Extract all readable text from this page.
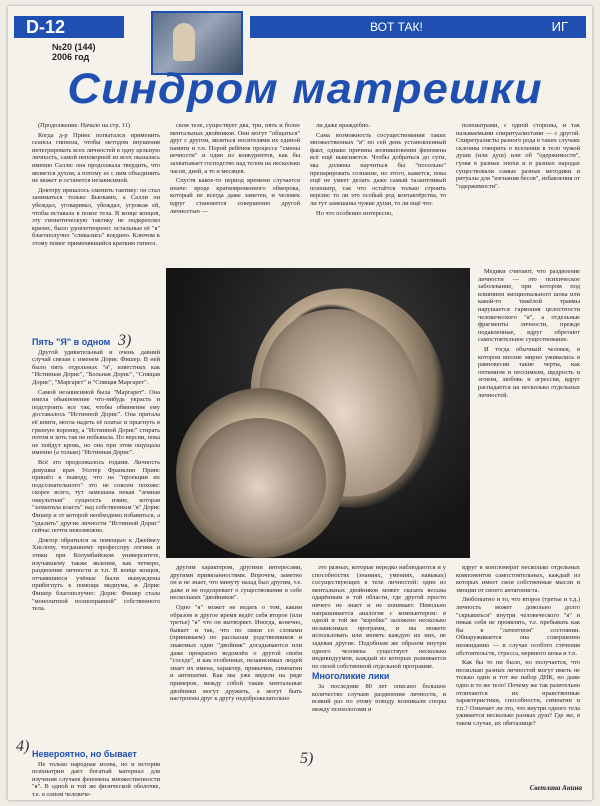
D-12	ВОТ ТАК!	ИГ
№20 (144)
2006 год
Синдром матрешки

(Продолжение. Начало на стр. 11)

Когда д-р Принс попытался применить сеансы гипноза, чтобы методом внушения интегрировать всех личностей в одну цельную личность, самой непокорной из всех оказалась именно Салли: она продолжала твердить, что является духом, а потому ее с ним объединить не может и останется независимой.

Доктору пришлось сменить тактику: он стал заниматься только Бьюкамп, а Салли он убеждал, уговаривал, убеждал, угрожая ей, чтобы вставала в покое тела. В конце концов, эту гипнотическую тактику не подкреплял кризис, было удовлетворено: остальные её "я" благополучно "сливались" воедино. Ключом к этому помог применявшийся кратким гипноз.

ском теле, существует два, три, пять и более ментальных двойников. Они могут "общаться" друг с другом, являться носителями их единой памяти и т.п. Порой ребёнок процессе "смены вечности" и один из конкурентов, как бы захватывает господство над телом на несколько часов, дней, а то и месяцев.

Спустя какое-то период времени случается иначе: вроде кратковременного обморока, который не всегда даже заметен, и человек вдруг становится совершенно другой личностью —

ли даже враждебно.

Сама возможность сосуществования таких множественных "я" по сей день установленный факт, однако причина возникновения феномена всё ещё выясняется. Чтобы добраться до сути, мы должны научиться бы "посольно" препарировать сознание, но этого, кажется, пока ещё не умеет делать даже самый талантливый психиатр, так что остаётся только строить версии: то ли это особый род контактёрства, то ли тут замешаны чужие души, то ли ещё что.

Но что особенно интересно,

психиатрами, с одной стороны, и так называемыми спиритуалистами — с другой. Спиритуалисты разного рода в таких случаях склонны говорить о вселении в тело чужой души (или душ) или об "одержимости", гуляя в разные эпохи и в разных народах существовали самые разные методики и ритуалы для "изгнания бесов", избавления от "одержимости".

Пять "Я" в одном

Другой удивительный и очень давний случай связан с именем Дорис Фишер. В ней было пять отдельных "я", известных как "Истинная Дорис", "Больная Дорис", "Спящая Дорис", "Маргарет" и "Спящая Маргарет".

Самой независимой была "Маргарет". Она имела обыкновение что-нибудь украсть и подстроить все так, чтобы обвинение ему доставалось "Истинной Дорис". Она прятала её книги, могла надеть её платье и прыгнуть в грязную воронку, а "Истинной Дорис" стирать потом и хоть так не побывала. По версии, пока не пойдут кровь, но она при этом ощущала именно (а только) "Истинная Дорис".

Всё это продолжалось годами. Личность девушки врач Уолтер Франклин Принс пришёл к выводу, что на "проекции их подсознательного" это не совсем похоже: скорее всего, тут замешана некая "земная оккультная" сущность извне, которая "захватила власть" над собственным "я" Дорис Фишер и от которой необходимо избавиться, а "удалить" другие личности "Истинной Дорис" сейчас почти невозможно.

Доктор обратился за помощью к Джеймсу Хислопу, тогдашнему профессору логики и этики при Колумбийском университете, изучавшему также явления, как четверо, раздвоение личности и т.п. В конце концов, отчаявшиеся учёные были вынуждены прибегнуть к помощи медиума, и Дорис Фишер благополучно: Дорис Фишер стала "монолитной полноправной" собственного тела.

Невероятно, но бывает

Не только народная молва, но и история психиатрии дает богатый материал для изучения случаев феномена множественности "я". В одной и той же физической оболочке, т.е. в одном человече-

Медики считают, что раздвоение личности — это психическое заболевание, при котором под влиянием эмоционального шока или какой-то тяжёлой травмы нарушается гармония целостности человеческого "я", а отдельные фрагменты личности, прежде подавленные, вдруг обретают самостоятельное существование.

И тогда обычный человек, в котором вполне мирно уживались в равновесии такие черты, как оптимизм и пессимизм, щедрость и эгоизм, любовь и агрессия, вдруг распадается на несколько отдельных личностей.

другим характером, другими интересами, другими привязанностями. Впрочем, заметно он и не знает, что минуту назад был другим, т.е. даже и не подозревает о существовании в себе нескольких "двойников".

Одно "я" может не ведать о том, каким образом и другое время ведёт себя второе (или третье) "я" что он вытворяет. Иногда, конечно, бывает и так, что по связи со словами (принимаем) по рассказам родственников и знакомых один "двойник" догадываются или даже прекрасно ведомлён о другой своём "соседе", и как особенных, независимых людей знает их имена, характер, привычки, симпатии и антипатии. Как мы уже видели на ряде примеров, между собой такие ментальные двойники могут дружить, а могут быть настроены друг к другу недоброжелательно

это разных, которые нередко наблюдаются и у способностях (знаниях, умениях, навыках) сосуществующих в теле личностей: один из ментальных двойников может сказать весьма одарённым в той области, где другой просто ничего не знает и не понимает. Невольно напрашивается аналогия с компьютером: в одной и той же "коробке" заложено несколько независимых программ, и вы можете использовать или менять каждую их них, не задевая другие. Подобным же образом внутри одного человека существует несколько индивидуумов, каждый из которых развивается по своей собственной отдельной программе.

Многоликие лики

За последние 80 лет описано большое количество случаев раздвоения личности, и всякий раз по этому поводу возникали споры между психологами и

вдруг в конгломерат несколько отдельных компонентов самостоятельных, каждый из которых имеет свои собственные мысли и эмоции от своего антагониста.

Любопытно и то, что второе (третье и т.д.) личность может довольно долго "скрываться" внутри человеческого "я" и никак себя не проявлять, т.е. пребывать как бы в "латентном" состоянии. Обнаруживается она совершенно неожиданно — в случае особого стечения обстоятельств, стресса, нервного шока и т.п.

Как бы то ни было, но получается, что несколько разных личностей могут иметь не только один и тот же набор ДНК, но даже одно и то же тело! Почему же так разительно отличаются их нравственные характеристики, способности, симпатии и т.п.? Означает ли это, что внутри одного тела уживается несколько разных душ? Где же, в таком случае, их обиталище?

Светлана Анина
3)
4)
5)
